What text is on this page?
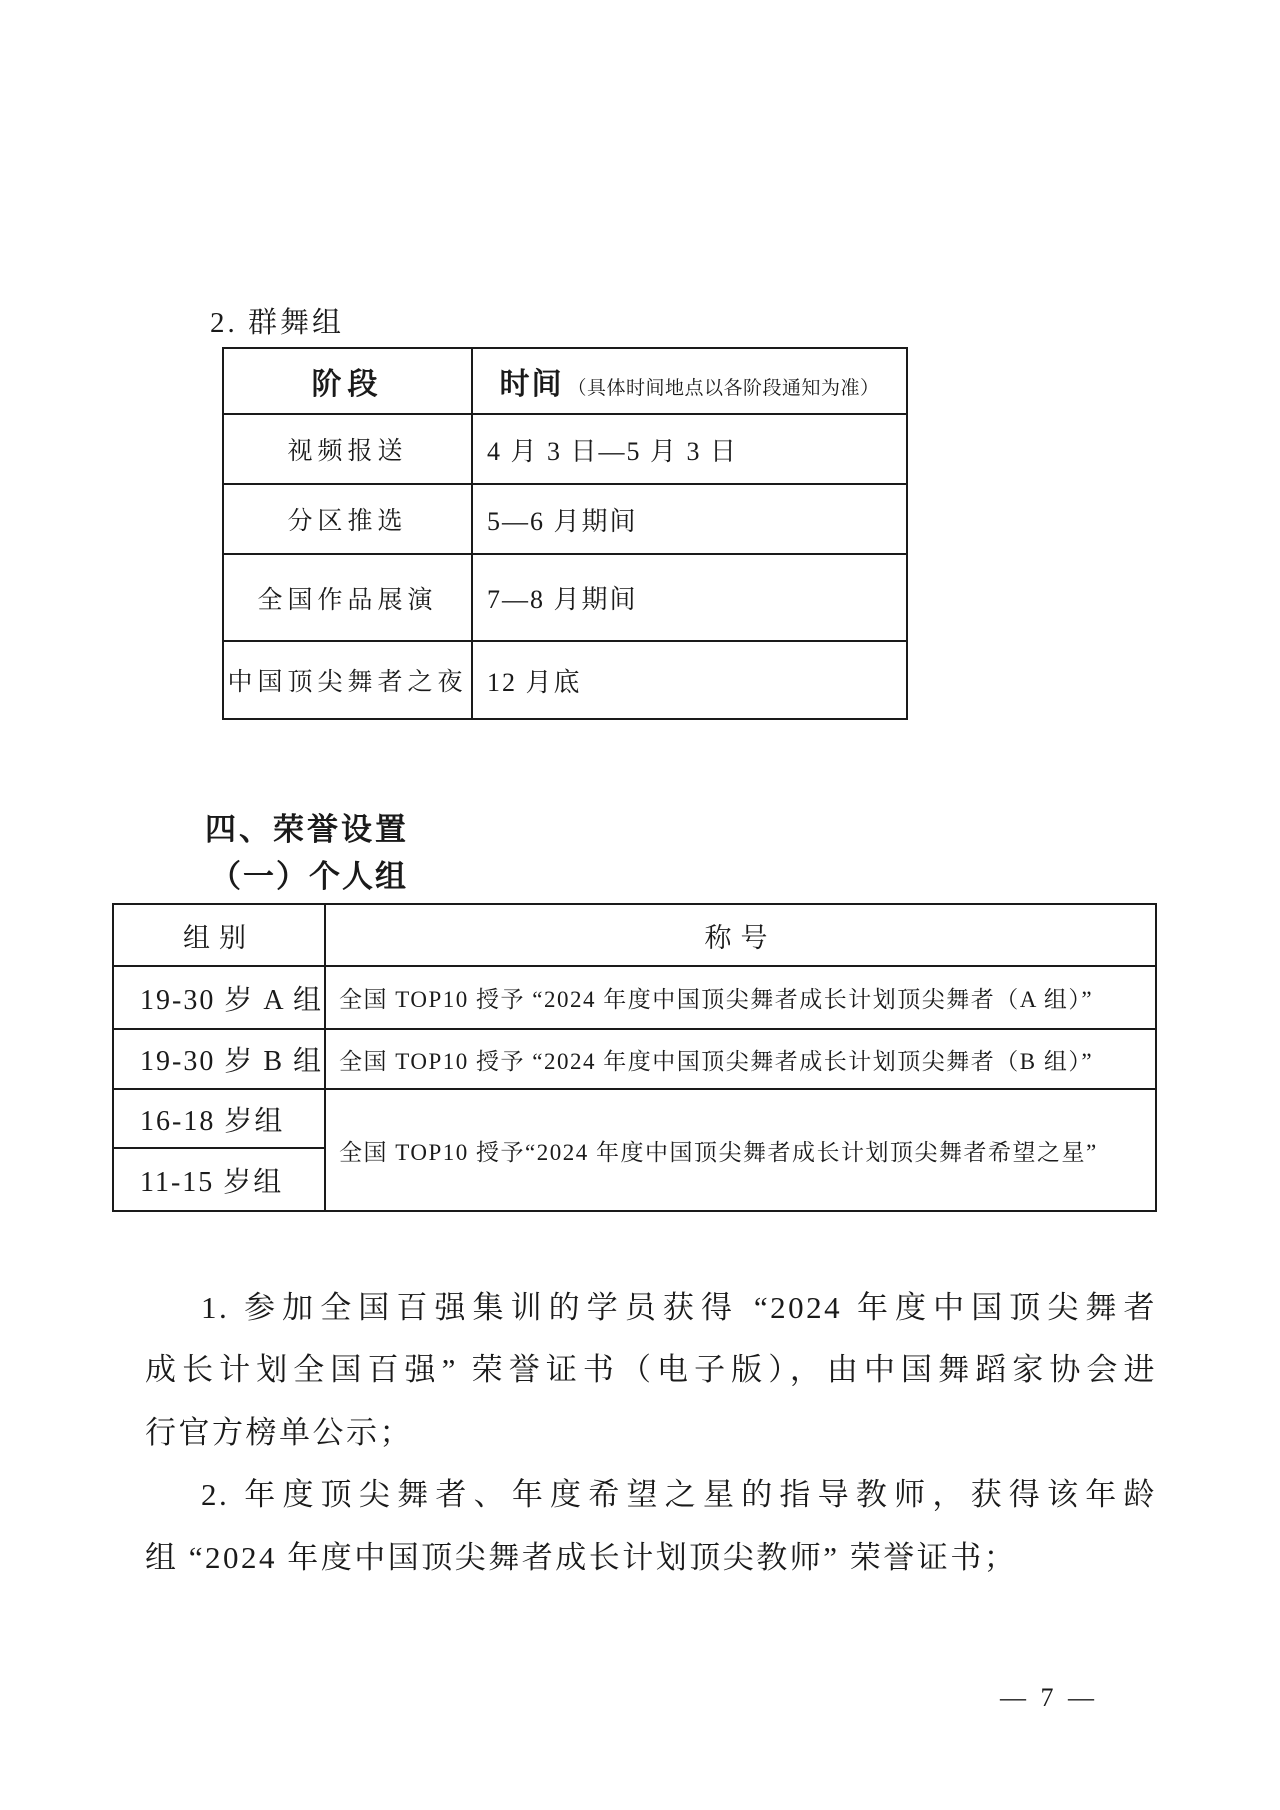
2. 群舞组
阶段	时间 （具体时间地点以各阶段通知为准）
视频报送	4 月 3 日—5 月 3 日
分区推选	5—6 月期间
全国作品展演	7—8 月期间
中国顶尖舞者之夜	12 月底
四、荣誉设置
（一）个人组
组别	称号
19-30 岁 A 组	全国 TOP10 授予 “2024 年度中国顶尖舞者成长计划顶尖舞者（A 组）”
19-30 岁 B 组	全国 TOP10 授予 “2024 年度中国顶尖舞者成长计划顶尖舞者（B 组）”
16-18 岁组	全国 TOP10 授予“2024 年度中国顶尖舞者成长计划顶尖舞者希望之星”
11-15 岁组	
1. 参加全国百强集训的学员获得 “2024 年度中国顶尖舞者
成长计划全国百强” 荣誉证书（电子版），由中国舞蹈家协会进
行官方榜单公示；
2. 年度顶尖舞者、年度希望之星的指导教师，获得该年龄
组 “2024 年度中国顶尖舞者成长计划顶尖教师” 荣誉证书；
— 7 —
